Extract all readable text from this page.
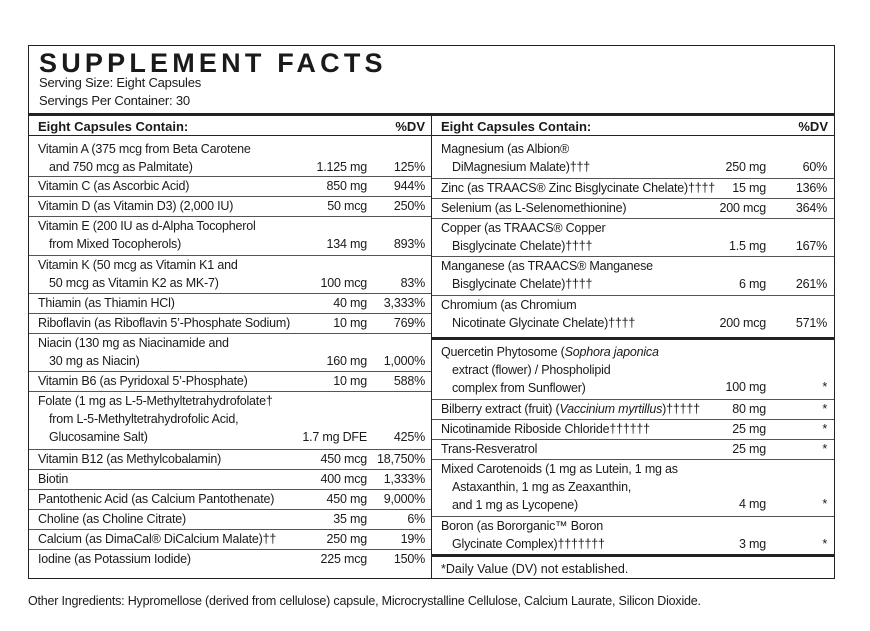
SUPPLEMENT FACTS
Serving Size: Eight Capsules
Servings Per Container: 30
Eight Capsules Contain:	%DV
Vitamin A (375 mcg from Beta Carotene
and 750 mcg as Palmitate)	1.125 mg 125%
Vitamin C (as Ascorbic Acid)	850 mg 944%
Vitamin D (as Vitamin D3) (2,000 IU)	50 mcg 250%
Vitamin E (200 IU as d-Alpha Tocopherol
from Mixed Tocopherols)	134 mg 893%
Vitamin K (50 mcg as Vitamin K1 and
50 mcg as Vitamin K2 as MK-7)	100 mcg	83%
Thiamin (as Thiamin HCl)	40 mg 3,333%
Riboflavin (as Riboflavin 5’-Phosphate Sodium)	10 mg 769%
Niacin (130 mg as Niacinamide and
30 mg as Niacin)	160 mg 1,000%
Vitamin B6 (as Pyridoxal 5’-Phosphate)	10 mg 588%
Folate (1 mg as L-5-Methyltetrahydrofolate†
from L-5-Methyltetrahydrofolic Acid,
Glucosamine Salt)	1.7 mg DFE 425%
Vitamin B12 (as Methylcobalamin)	450 mcg 18,750%
Biotin	400 mcg 1,333%
Pantothenic Acid (as Calcium Pantothenate)	450 mg 9,000%
Choline (as Choline Citrate)	35 mg	6%
Calcium (as DimaCal® DiCalcium Malate)††	250 mg	19%
Iodine (as Potassium Iodide)	225 mcg 150%
Eight Capsules Contain:	%DV
Magnesium (as Albion®
DiMagnesium Malate)†††	250 mg	60%
Zinc (as TRAACS® Zinc Bisglycinate Chelate)†††† 15 mg 136%
Selenium (as L-Selenomethionine)	200 mcg 364%
Copper (as TRAACS® Copper
Bisglycinate Chelate)††††	1.5 mg 167%
Manganese (as TRAACS® Manganese
Bisglycinate Chelate)††††	6 mg 261%
Chromium (as Chromium
Nicotinate Glycinate Chelate)††††	200 mcg 571%
Quercetin Phytosome (Sophora japonica
extract (flower) / Phospholipid
complex from Sunflower)	100 mg	*
Bilberry extract (fruit) (Vaccinium myrtillus)†††††	80 mg	*
Nicotinamide Riboside Chloride††††††	25 mg	*
Trans-Resveratrol	25 mg	*
Mixed Carotenoids (1 mg as Lutein, 1 mg as
Astaxanthin, 1 mg as Zeaxanthin,
and 1 mg as Lycopene)	4 mg	*
Boron (as Bororganic™ Boron
Glycinate Complex)†††††††	3 mg	*
*Daily Value (DV) not established.
Other Ingredients: Hypromellose (derived from cellulose) capsule, Microcrystalline Cellulose, Calcium Laurate, Silicon Dioxide.
